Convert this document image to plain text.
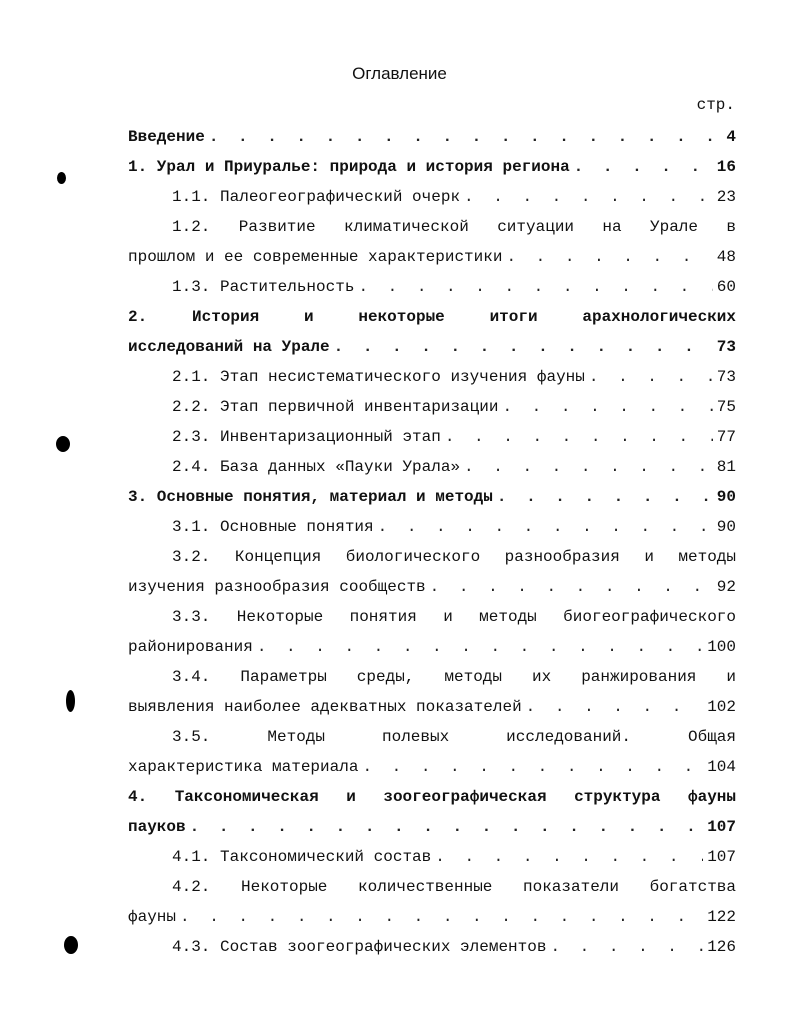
Оглавление
стр.
Введение . . .	4
1. Урал и Приуралье: природа и история региона . . .	16
1.1. Палеогеографический очерк . . .	23
1.2. Развитие климатической ситуации на Урале в
прошлом и ее современные характеристики . . .	48
1.3. Растительность . . .	60
2. История и некоторые итоги арахнологических
исследований на Урале . . .	73
2.1. Этап несистематического изучения фауны . . .	73
2.2. Этап первичной инвентаризации . . .	75
2.3. Инвентаризационный этап . . .	77
2.4. База данных «Пауки Урала» . . .	81
3. Основные понятия, материал и методы . . .	90
3.1. Основные понятия . . .	90
3.2. Концепция биологического разнообразия и методы
изучения разнообразия сообществ . . .	92
3.3. Некоторые понятия и методы биогеографического
районирования . . .	100
3.4. Параметры среды, методы их ранжирования и
выявления наиболее адекватных показателей . . .	102
3.5. Методы полевых исследований. Общая
характеристика материала . . .	104
4. Таксономическая и зоогеографическая структура фауны
пауков . . .	107
4.1. Таксономический состав . . .	107
4.2. Некоторые количественные показатели богатства
фауны . . .	122
4.3. Состав зоогеографических элементов . . .	126
